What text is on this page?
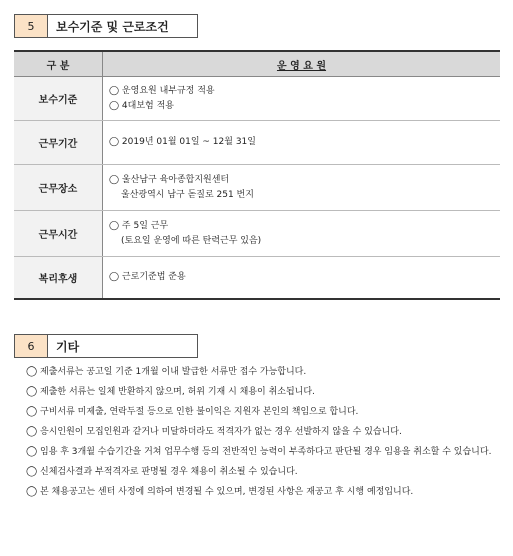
5	보수기준 및 근로조건
구 분	운 영 요 원
보수기준	◯ 운영요원 내부규정 적용
◯ 4대보험 적용

근무기간	◯ 2019년 01월 01일 ~ 12월 31일

근무장소	◯ 울산남구 육아종합지원센터
울산광역시 남구 돋질로 251 번지

근무시간	◯ 주 5일 근무
(토요일 운영에 따른 탄력근무 있음)

복리후생	◯ 근로기준법 준용
6	기타
◯ 제출서류는 공고일 기준 1개월 이내 발급한 서류만 접수 가능합니다.
◯ 제출한 서류는 일체 반환하지 않으며, 허위 기재 시 채용이 취소됩니다.
◯ 구비서류 미제출, 연락두절 등으로 인한 불이익은 지원자 본인의 책임으로 합니다.
◯ 응시인원이 모집인원과 같거나 미달하더라도 적격자가 없는 경우 선발하지 않을 수 있습니다.
◯ 임용 후 3개월 수습기간을 거쳐 업무수행 등의 전반적인 능력이 부족하다고 판단될 경우 임용을 취소할 수 있습니다.
◯ 신체검사결과 부적격자로 판명될 경우 채용이 취소될 수 있습니다.
◯ 본 채용공고는 센터 사정에 의하여 변경될 수 있으며, 변경된 사항은 재공고 후 시행 예정입니다.
